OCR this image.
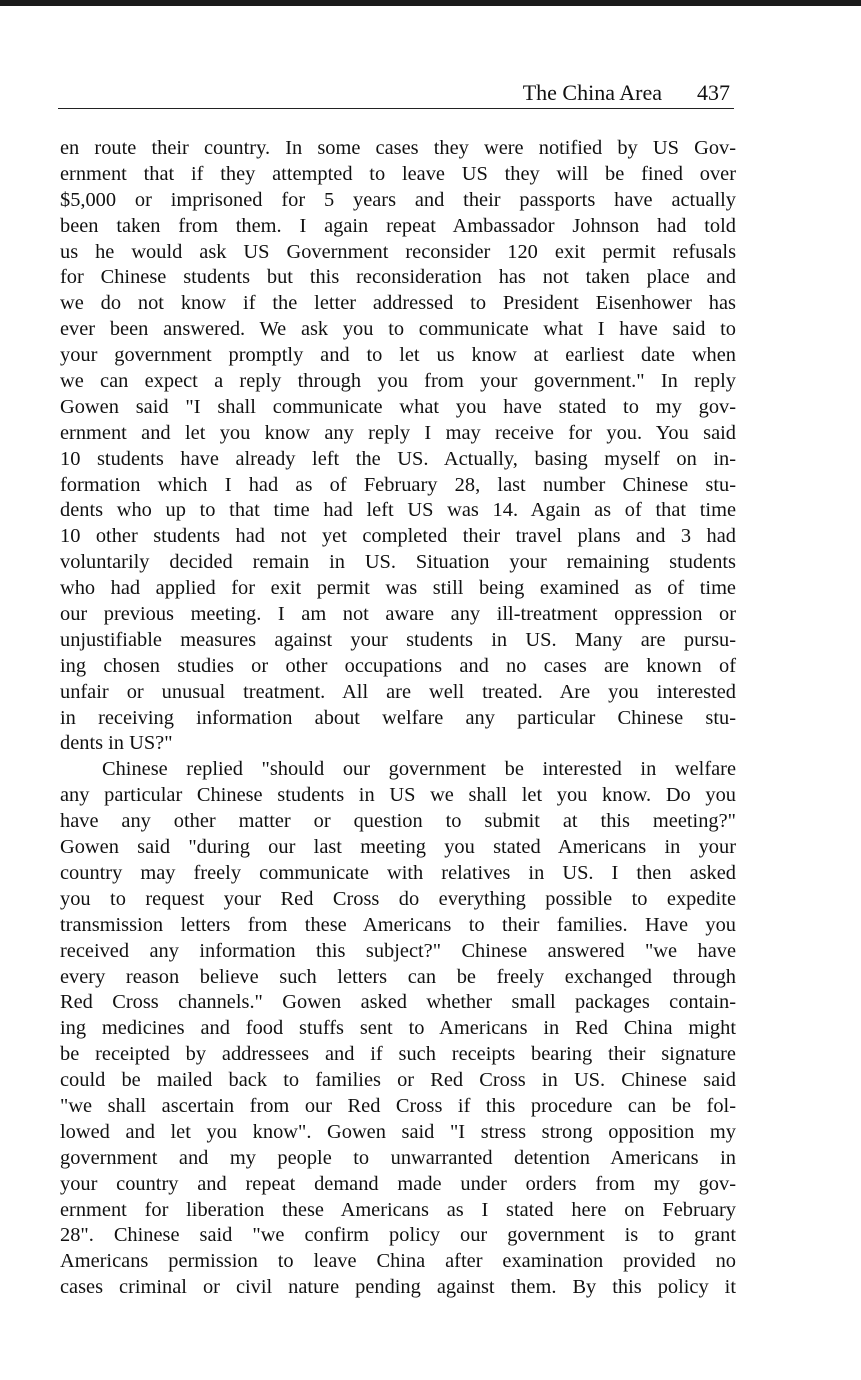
The China Area 437
en route their country. In some cases they were notified by US Gov-
ernment that if they attempted to leave US they will be fined over
$5,000 or imprisoned for 5 years and their passports have actually
been taken from them. I again repeat Ambassador Johnson had told
us he would ask US Government reconsider 120 exit permit refusals
for Chinese students but this reconsideration has not taken place and
we do not know if the letter addressed to President Eisenhower has
ever been answered. We ask you to communicate what I have said to
your government promptly and to let us know at earliest date when
we can expect a reply through you from your government." In reply
Gowen said "I shall communicate what you have stated to my gov-
ernment and let you know any reply I may receive for you. You said
10 students have already left the US. Actually, basing myself on in-
formation which I had as of February 28, last number Chinese stu-
dents who up to that time had left US was 14. Again as of that time
10 other students had not yet completed their travel plans and 3 had
voluntarily decided remain in US. Situation your remaining students
who had applied for exit permit was still being examined as of time
our previous meeting. I am not aware any ill-treatment oppression or
unjustifiable measures against your students in US. Many are pursu-
ing chosen studies or other occupations and no cases are known of
unfair or unusual treatment. All are well treated. Are you interested
in receiving information about welfare any particular Chinese stu-
dents in US?"
Chinese replied "should our government be interested in welfare
any particular Chinese students in US we shall let you know. Do you
have any other matter or question to submit at this meeting?"
Gowen said "during our last meeting you stated Americans in your
country may freely communicate with relatives in US. I then asked
you to request your Red Cross do everything possible to expedite
transmission letters from these Americans to their families. Have you
received any information this subject?" Chinese answered "we have
every reason believe such letters can be freely exchanged through
Red Cross channels." Gowen asked whether small packages contain-
ing medicines and food stuffs sent to Americans in Red China might
be receipted by addressees and if such receipts bearing their signature
could be mailed back to families or Red Cross in US. Chinese said
"we shall ascertain from our Red Cross if this procedure can be fol-
lowed and let you know". Gowen said "I stress strong opposition my
government and my people to unwarranted detention Americans in
your country and repeat demand made under orders from my gov-
ernment for liberation these Americans as I stated here on February
28". Chinese said "we confirm policy our government is to grant
Americans permission to leave China after examination provided no
cases criminal or civil nature pending against them. By this policy it
